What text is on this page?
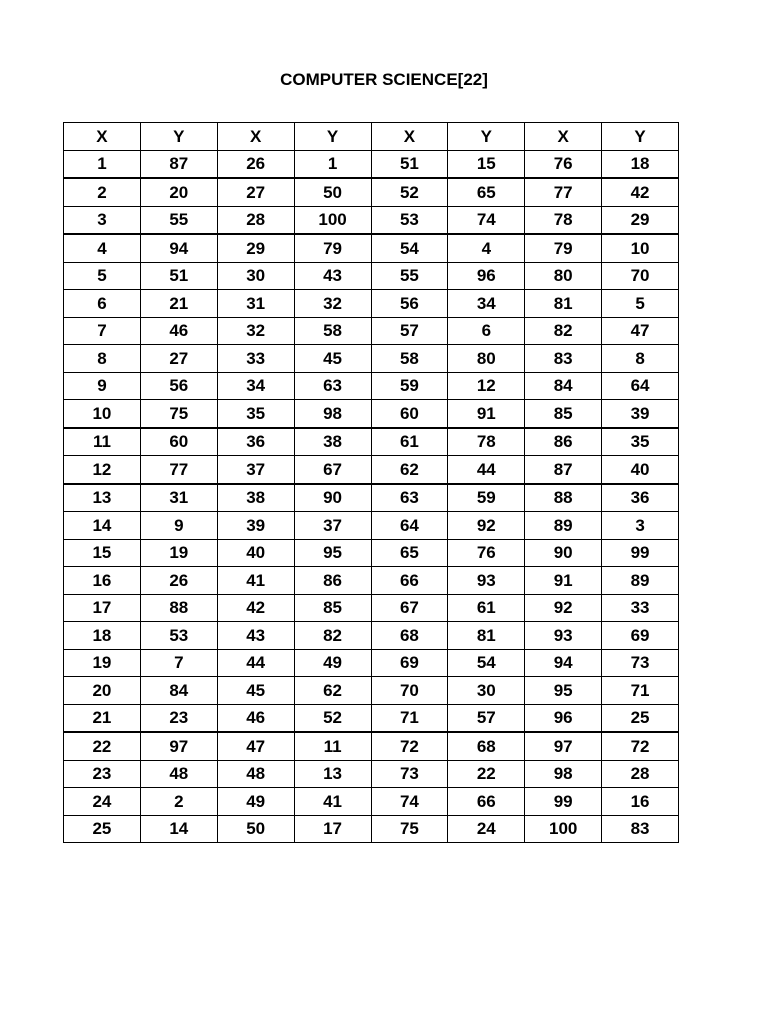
COMPUTER SCIENCE[22]
X	Y	X	Y	X	Y	X	Y
1	87	26	1	51	15	76	18
2	20	27	50	52	65	77	42
3	55	28	100	53	74	78	29
4	94	29	79	54	4	79	10
5	51	30	43	55	96	80	70
6	21	31	32	56	34	81	5
7	46	32	58	57	6	82	47
8	27	33	45	58	80	83	8
9	56	34	63	59	12	84	64
10	75	35	98	60	91	85	39
11	60	36	38	61	78	86	35
12	77	37	67	62	44	87	40
13	31	38	90	63	59	88	36
14	9	39	37	64	92	89	3
15	19	40	95	65	76	90	99
16	26	41	86	66	93	91	89
17	88	42	85	67	61	92	33
18	53	43	82	68	81	93	69
19	7	44	49	69	54	94	73
20	84	45	62	70	30	95	71
21	23	46	52	71	57	96	25
22	97	47	11	72	68	97	72
23	48	48	13	73	22	98	28
24	2	49	41	74	66	99	16
25	14	50	17	75	24	100	83
